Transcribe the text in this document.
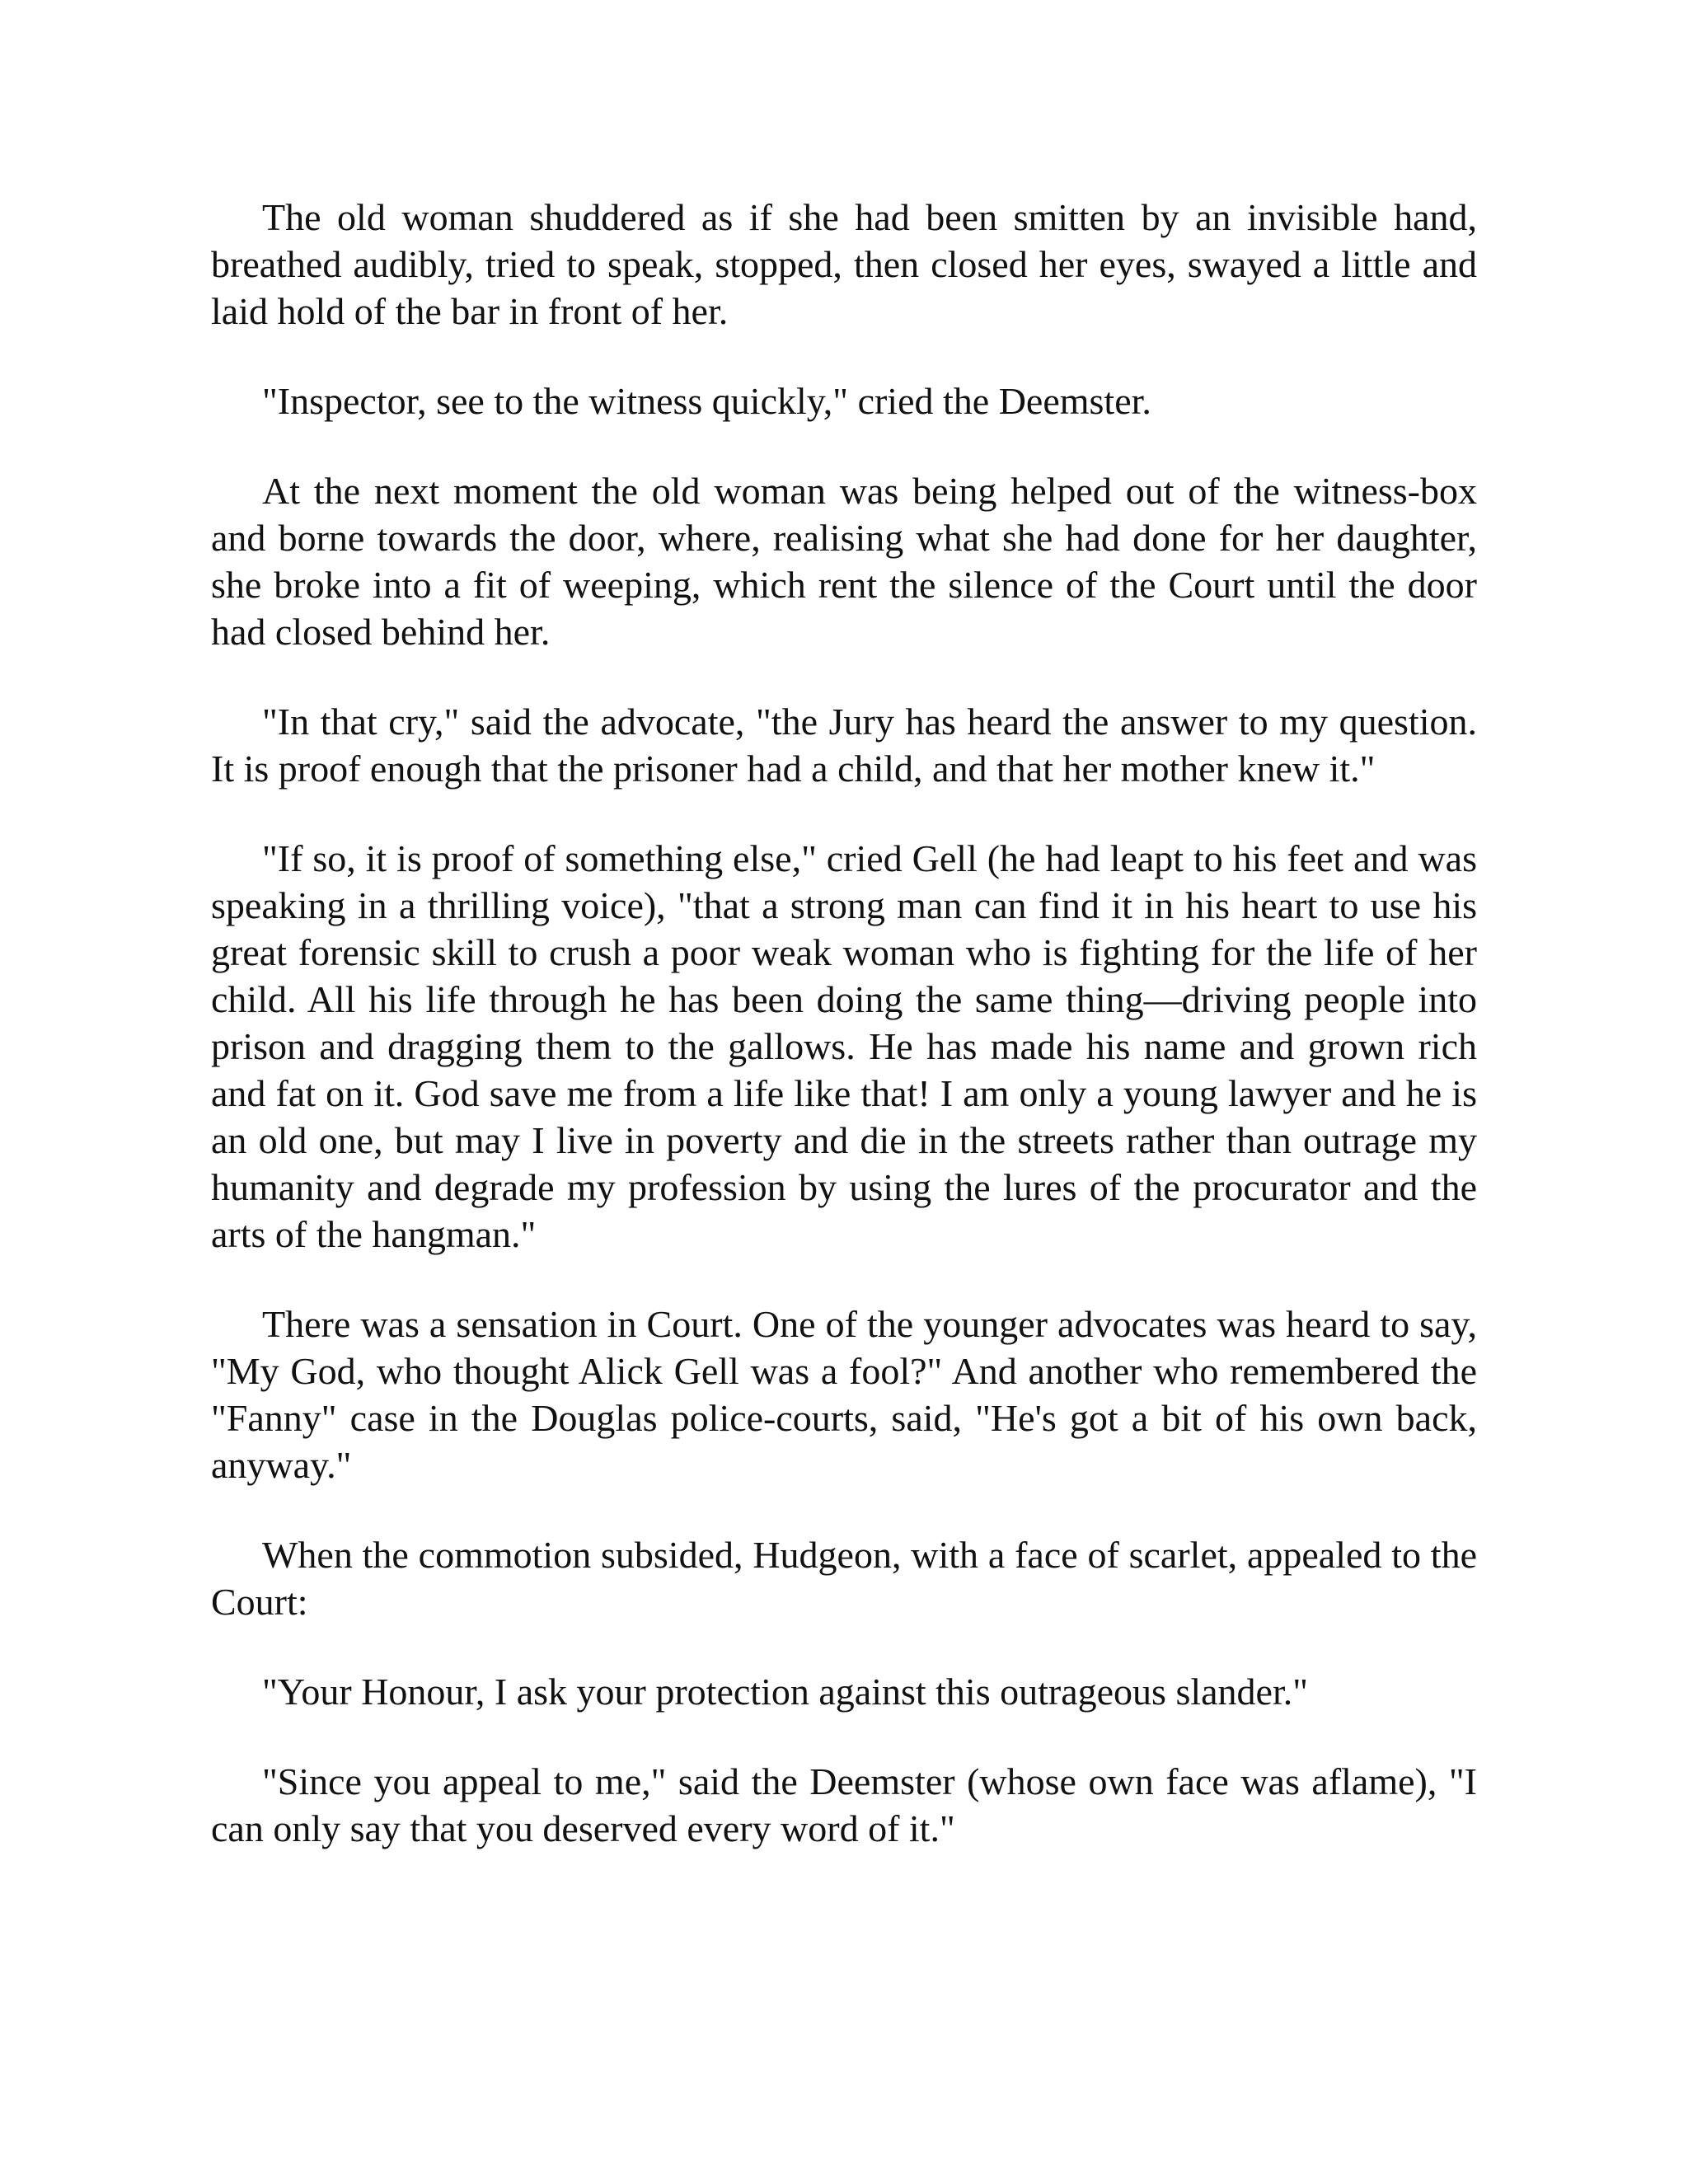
The old woman shuddered as if she had been smitten by an invisible hand, breathed audibly, tried to speak, stopped, then closed her eyes, swayed a little and laid hold of the bar in front of her.

"Inspector, see to the witness quickly," cried the Deemster.

At the next moment the old woman was being helped out of the witness-box and borne towards the door, where, realising what she had done for her daughter, she broke into a fit of weeping, which rent the silence of the Court until the door had closed behind her.

"In that cry," said the advocate, "the Jury has heard the answer to my question. It is proof enough that the prisoner had a child, and that her mother knew it."

"If so, it is proof of something else," cried Gell (he had leapt to his feet and was speaking in a thrilling voice), "that a strong man can find it in his heart to use his great forensic skill to crush a poor weak woman who is fighting for the life of her child. All his life through he has been doing the same thing—driving people into prison and dragging them to the gallows. He has made his name and grown rich and fat on it. God save me from a life like that! I am only a young lawyer and he is an old one, but may I live in poverty and die in the streets rather than outrage my humanity and degrade my profession by using the lures of the procurator and the arts of the hangman."

There was a sensation in Court. One of the younger advocates was heard to say, "My God, who thought Alick Gell was a fool?" And another who remembered the "Fanny" case in the Douglas police-courts, said, "He's got a bit of his own back, anyway."

When the commotion subsided, Hudgeon, with a face of scarlet, appealed to the Court:

"Your Honour, I ask your protection against this outrageous slander."

"Since you appeal to me," said the Deemster (whose own face was aflame), "I can only say that you deserved every word of it."
